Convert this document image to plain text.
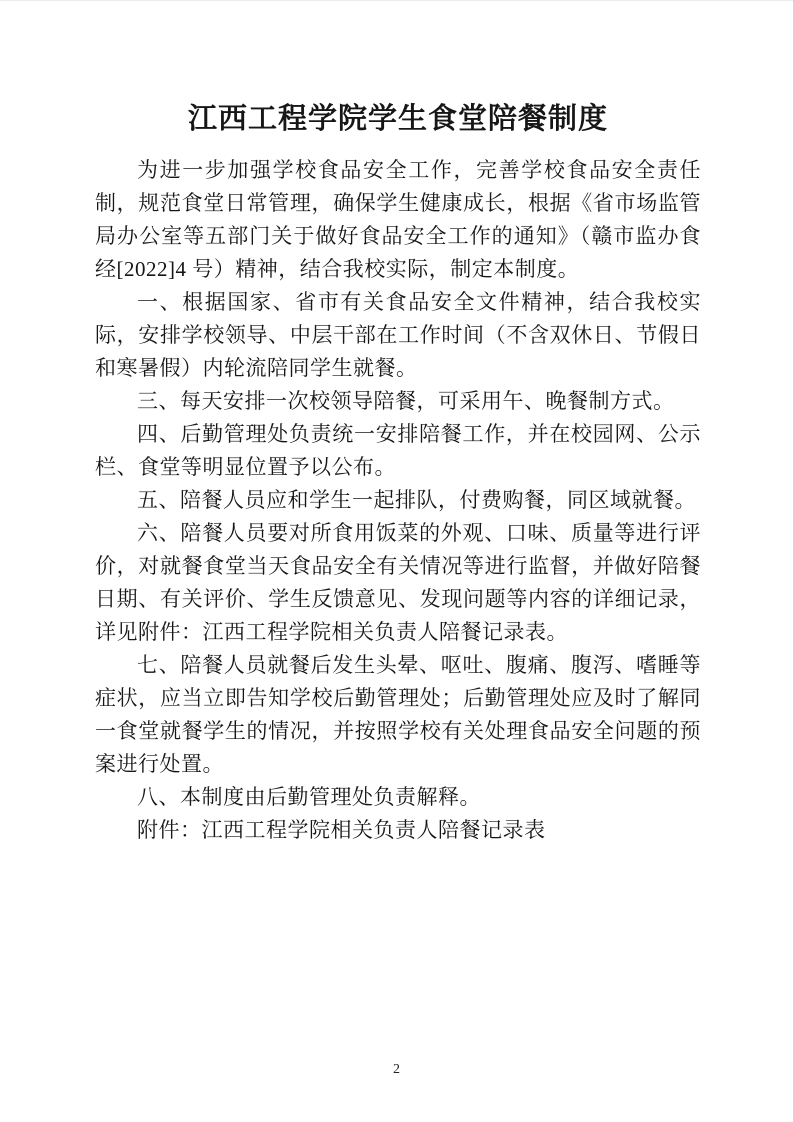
江西工程学院学生食堂陪餐制度

为进一步加强学校食品安全工作，完善学校食品安全责任制，规范食堂日常管理，确保学生健康成长，根据《省市场监管局办公室等五部门关于做好食品安全工作的通知》（赣市监办食经[2022]4 号）精神，结合我校实际，制定本制度。

一、根据国家、省市有关食品安全文件精神，结合我校实际，安排学校领导、中层干部在工作时间（不含双休日、节假日和寒暑假）内轮流陪同学生就餐。

三、每天安排一次校领导陪餐，可采用午、晚餐制方式。

四、后勤管理处负责统一安排陪餐工作，并在校园网、公示栏、食堂等明显位置予以公布。

五、陪餐人员应和学生一起排队，付费购餐，同区域就餐。

六、陪餐人员要对所食用饭菜的外观、口味、质量等进行评价，对就餐食堂当天食品安全有关情况等进行监督，并做好陪餐日期、有关评价、学生反馈意见、发现问题等内容的详细记录，详见附件：江西工程学院相关负责人陪餐记录表。

七、陪餐人员就餐后发生头晕、呕吐、腹痛、腹泻、嗜睡等症状，应当立即告知学校后勤管理处；后勤管理处应及时了解同一食堂就餐学生的情况，并按照学校有关处理食品安全问题的预案进行处置。

八、本制度由后勤管理处负责解释。

附件：江西工程学院相关负责人陪餐记录表

2
